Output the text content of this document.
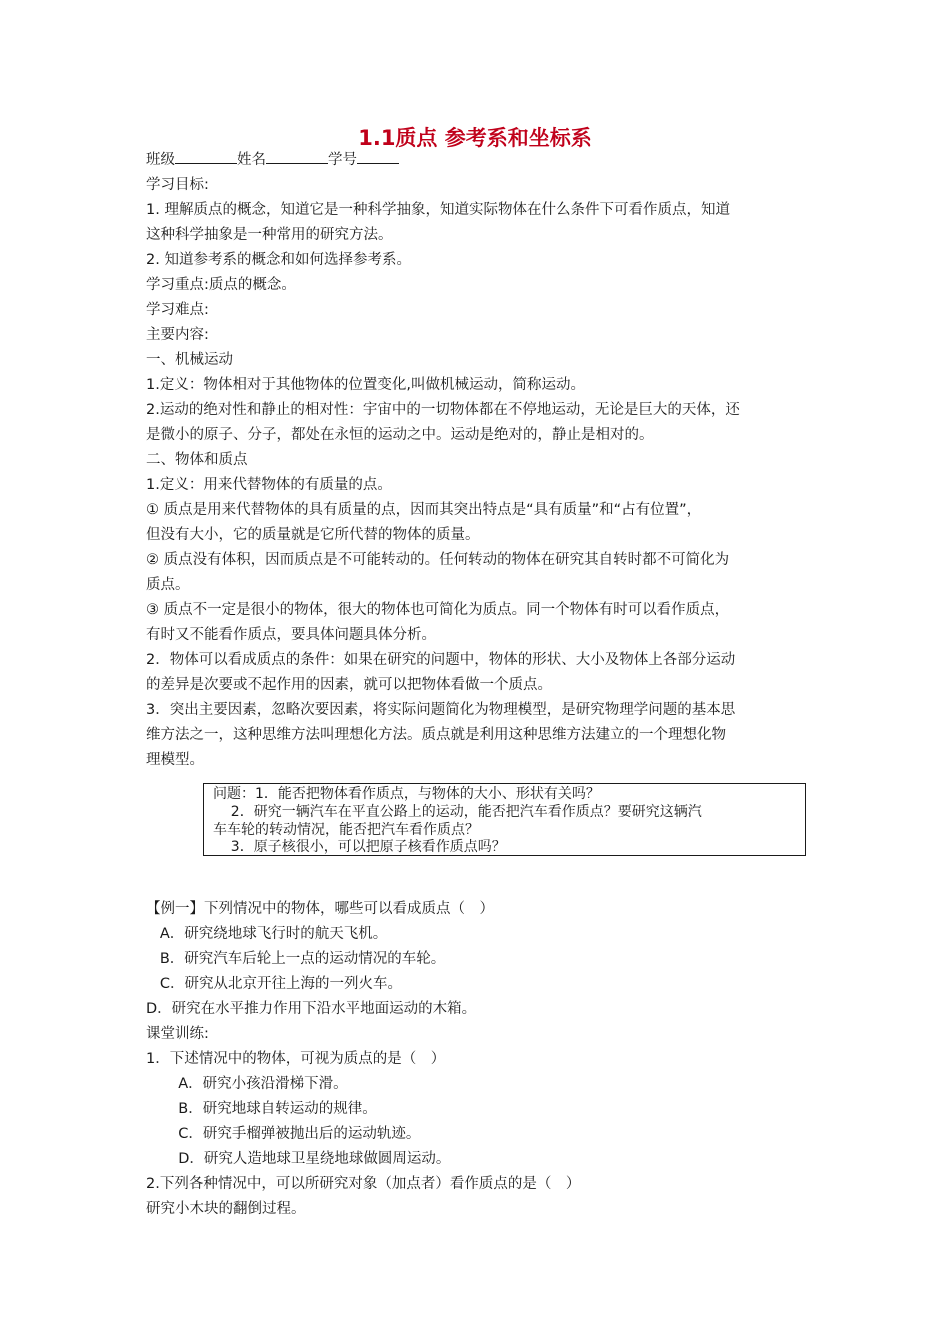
1.1质点 参考系和坐标系
班级	姓名	学号
学习目标:
1. 理解质点的概念，知道它是一种科学抽象，知道实际物体在什么条件下可看作质点，知道
这种科学抽象是一种常用的研究方法。
2. 知道参考系的概念和如何选择参考系。
学习重点:质点的概念。
学习难点:
主要内容:
一、机械运动
1.定义：物体相对于其他物体的位置变化,叫做机械运动，简称运动。
2.运动的绝对性和静止的相对性：宇宙中的一切物体都在不停地运动，无论是巨大的天体，还
是微小的原子、分子，都处在永恒的运动之中。运动是绝对的，静止是相对的。
二、物体和质点
1.定义：用来代替物体的有质量的点。
① 质点是用来代替物体的具有质量的点，因而其突出特点是“具有质量”和“占有位置”，
但没有大小，它的质量就是它所代替的物体的质量。
② 质点没有体积，因而质点是不可能转动的。任何转动的物体在研究其自转时都不可简化为
质点。
③ 质点不一定是很小的物体，很大的物体也可简化为质点。同一个物体有时可以看作质点，
有时又不能看作质点，要具体问题具体分析。
2．物体可以看成质点的条件：如果在研究的问题中，物体的形状、大小及物体上各部分运动
的差异是次要或不起作用的因素，就可以把物体看做一个质点。
3．突出主要因素，忽略次要因素，将实际问题简化为物理模型，是研究物理学问题的基本思
维方法之一，这种思维方法叫理想化方法。质点就是利用这种思维方法建立的一个理想化物
理模型。
问题：1．能否把物体看作质点，与物体的大小、形状有关吗？
2．研究一辆汽车在平直公路上的运动，能否把汽车看作质点？要研究这辆汽
车车轮的转动情况，能否把汽车看作质点？
3．原子核很小，可以把原子核看作质点吗？
【例一】下列情况中的物体，哪些可以看成质点（　）
A．研究绕地球飞行时的航天飞机。
B．研究汽车后轮上一点的运动情况的车轮。
C．研究从北京开往上海的一列火车。
D．研究在水平推力作用下沿水平地面运动的木箱。
课堂训练:
1．下述情况中的物体，可视为质点的是（　）
A．研究小孩沿滑梯下滑。
B．研究地球自转运动的规律。
C．研究手榴弹被抛出后的运动轨迹。
D．研究人造地球卫星绕地球做圆周运动。
2.下列各种情况中，可以所研究对象（加点者）看作质点的是（　）
研究小木块的翻倒过程。
